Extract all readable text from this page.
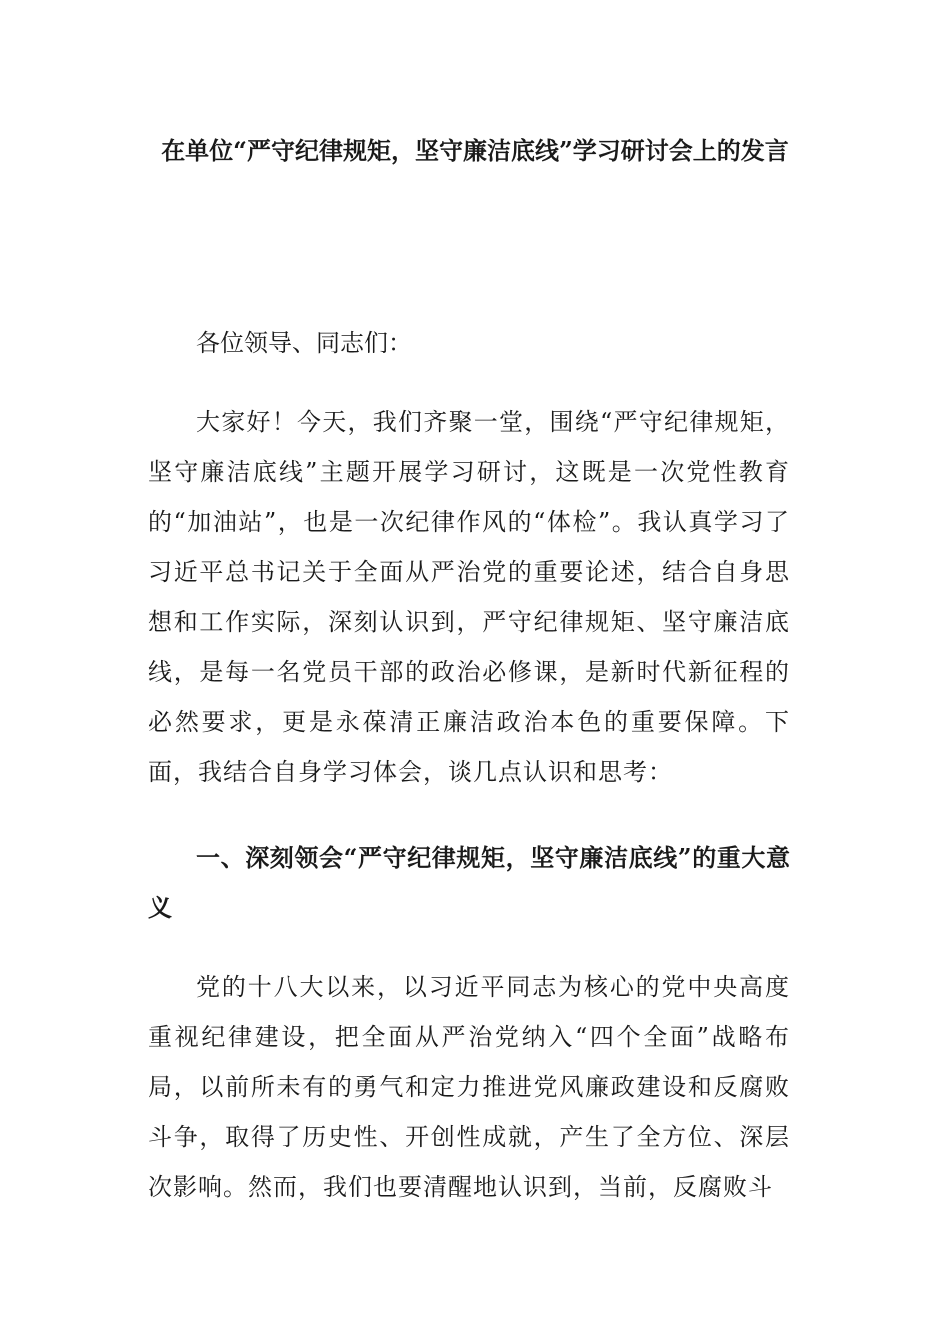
在单位“严守纪律规矩，坚守廉洁底线”学习研讨会上的发言

各位领导、同志们：

大家好！今天，我们齐聚一堂，围绕“严守纪律规矩，坚守廉洁底线”主题开展学习研讨，这既是一次党性教育的“加油站”，也是一次纪律作风的“体检”。我认真学习了习近平总书记关于全面从严治党的重要论述，结合自身思想和工作实际，深刻认识到，严守纪律规矩、坚守廉洁底线，是每一名党员干部的政治必修课，是新时代新征程的必然要求，更是永葆清正廉洁政治本色的重要保障。下面，我结合自身学习体会，谈几点认识和思考：

一、深刻领会“严守纪律规矩，坚守廉洁底线”的重大意义

党的十八大以来，以习近平同志为核心的党中央高度重视纪律建设，把全面从严治党纳入“四个全面”战略布局，以前所未有的勇气和定力推进党风廉政建设和反腐败斗争，取得了历史性、开创性成就，产生了全方位、深层次影响。然而，我们也要清醒地认识到，当前，反腐败斗
